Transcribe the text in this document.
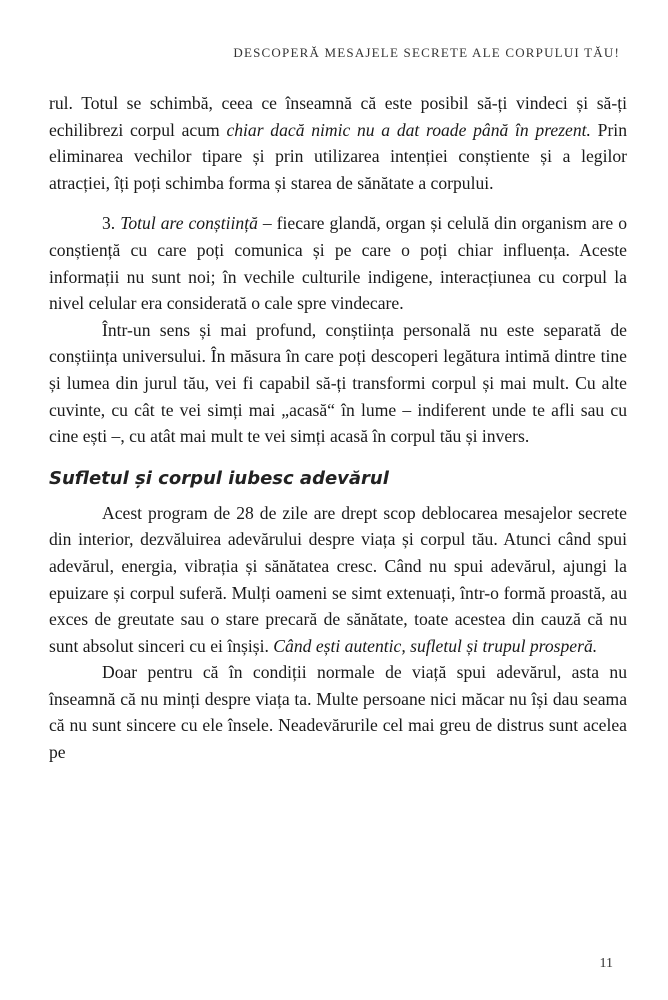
DESCOPERĂ MESAJELE SECRETE ALE CORPULUI TĂU!

rul. Totul se schimbă, ceea ce înseamnă că este posibil să-ți vindeci și să-ți echilibrezi corpul acum chiar dacă nimic nu a dat roade până în prezent. Prin eliminarea vechilor tipare și prin utilizarea intenției conștiente și a legilor atracției, îți poți schimba forma și starea de sănătate a corpului.

3. Totul are conștiință – fiecare glandă, organ și celulă din organism are o conștiență cu care poți comunica și pe care o poți chiar influența. Aceste informații nu sunt noi; în vechile culturile indigene, interacțiunea cu corpul la nivel celular era considerată o cale spre vindecare.

Într-un sens și mai profund, conștiința personală nu este separată de conștiința universului. În măsura în care poți descoperi legătura intimă dintre tine și lumea din jurul tău, vei fi capabil să-ți transformi corpul și mai mult. Cu alte cuvinte, cu cât te vei simți mai „acasă“ în lume – indiferent unde te afli sau cu cine ești –, cu atât mai mult te vei simți acasă în corpul tău și invers.

Sufletul și corpul iubesc adevărul

Acest program de 28 de zile are drept scop deblocarea mesajelor secrete din interior, dezvăluirea adevărului despre viața și corpul tău. Atunci când spui adevărul, energia, vibrația și sănătatea cresc. Când nu spui adevărul, ajungi la epuizare și corpul suferă. Mulți oameni se simt extenuați, într-o formă proastă, au exces de greutate sau o stare precară de sănătate, toate acestea din cauză că nu sunt absolut sinceri cu ei înșiși. Când ești autentic, sufletul și trupul prosperă.

Doar pentru că în condiții normale de viață spui adevărul, asta nu înseamnă că nu minți despre viața ta. Multe persoane nici măcar nu își dau seama că nu sunt sincere cu ele însele. Neadevărurile cel mai greu de distrus sunt acelea pe

11
